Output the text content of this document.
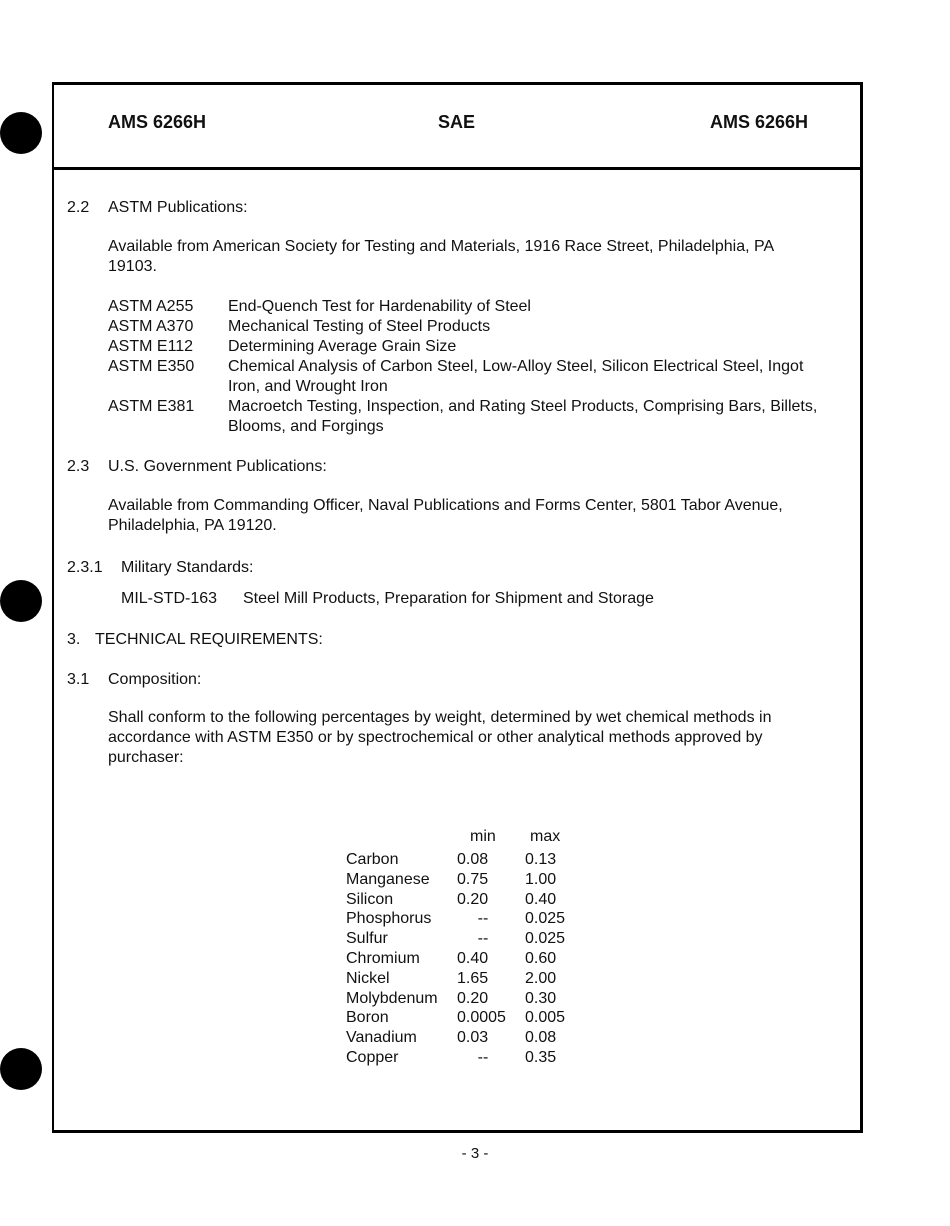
AMS 6266H	SAE	AMS 6266H
2.2 ASTM Publications:
Available from American Society for Testing and Materials, 1916 Race Street, Philadelphia, PA
19103.
ASTM A255 End-Quench Test for Hardenability of Steel
ASTM A370 Mechanical Testing of Steel Products
ASTM E112 Determining Average Grain Size
ASTM E350 Chemical Analysis of Carbon Steel, Low-Alloy Steel, Silicon Electrical Steel, Ingot
Iron, and Wrought Iron
ASTM E381 Macroetch Testing, Inspection, and Rating Steel Products, Comprising Bars, Billets,
Blooms, and Forgings
2.3 U.S. Government Publications:
Available from Commanding Officer, Naval Publications and Forms Center, 5801 Tabor Avenue,
Philadelphia, PA 19120.
2.3.1 Military Standards:
MIL-STD-163 Steel Mill Products, Preparation for Shipment and Storage
3. TECHNICAL REQUIREMENTS:
3.1 Composition:
Shall conform to the following percentages by weight, determined by wet chemical methods in
accordance with ASTM E350 or by spectrochemical or other analytical methods approved by
purchaser:
min max
Carbon	0.08 0.13
Manganese 0.75 1.00
Silicon	0.20 0.40
Phosphorus	--	0.025
Sulfur	--	0.025
Chromium 0.40 0.60
Nickel	1.65 2.00
Molybdenum 0.20 0.30
Boron	0.0005 0.005
Vanadium	0.03 0.08
Copper	--	0.35
- 3 -
